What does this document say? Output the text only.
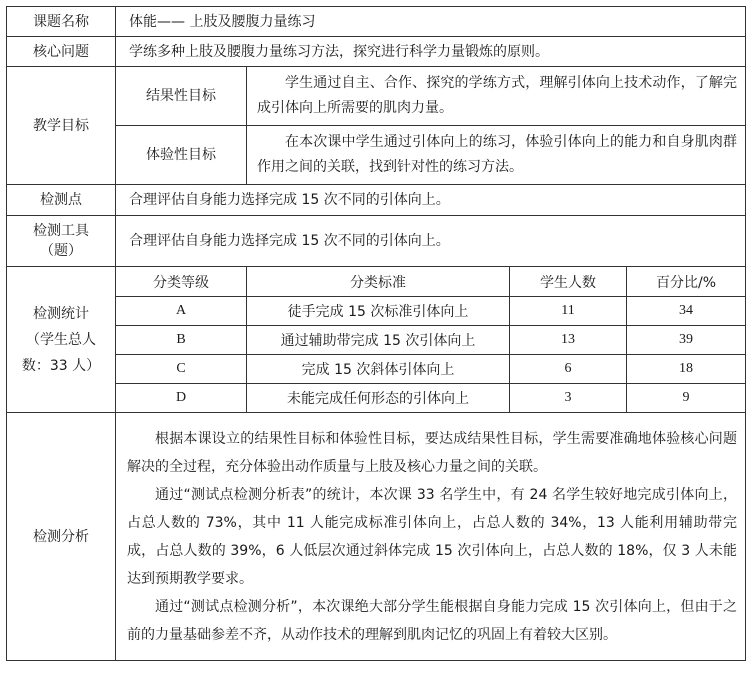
课题名称	体能—— 上肢及腰腹力量练习			
核心问题	学练多种上肢及腰腹力量练习方法，探究进行科学力量锻炼的原则。			
教学目标	结果性目标	学生通过自主、合作、探究的学练方式，理解引体向上技术动作，了解完成引体向上所需要的肌肉力量。		

	体验性目标	在本次课中学生通过引体向上的练习，体验引体向上的能力和自身肌肉群作用之间的关联，找到针对性的练习方法。		

检测点	合理评估自身能力选择完成 15 次不同的引体向上。			

检测工具
（题）	合理评估自身能力选择完成 15 次不同的引体向上。			

检测统计
（学生总人
数：33 人）	分类等级	分类标准	学生人数	百分比/%
	A	徒手完成 15 次标准引体向上	11	34
	B	通过辅助带完成 15 次引体向上	13	39
	C	完成 15 次斜体引体向上	6	18
	D	未能完成任何形态的引体向上	3	9
检测分析	根据本课设立的结果性目标和体验性目标，要达成结果性目标，学生需要准确地体验核心问题解决的全过程，充分体验出动作质量与上肢及核心力量之间的关联。

通过“测试点检测分析表”的统计，本次课 33 名学生中，有 24 名学生较好地完成引体向上，占总人数的 73%，其中 11 人能完成标准引体向上，占总人数的 34%，13 人能利用辅助带完成，占总人数的 39%，6 人低层次通过斜体完成 15 次引体向上，占总人数的 18%，仅 3 人未能达到预期教学要求。

通过“测试点检测分析”，本次课绝大部分学生能根据自身能力完成 15 次引体向上，但由于之前的力量基础参差不齐，从动作技术的理解到肌肉记忆的巩固上有着较大区别。			
